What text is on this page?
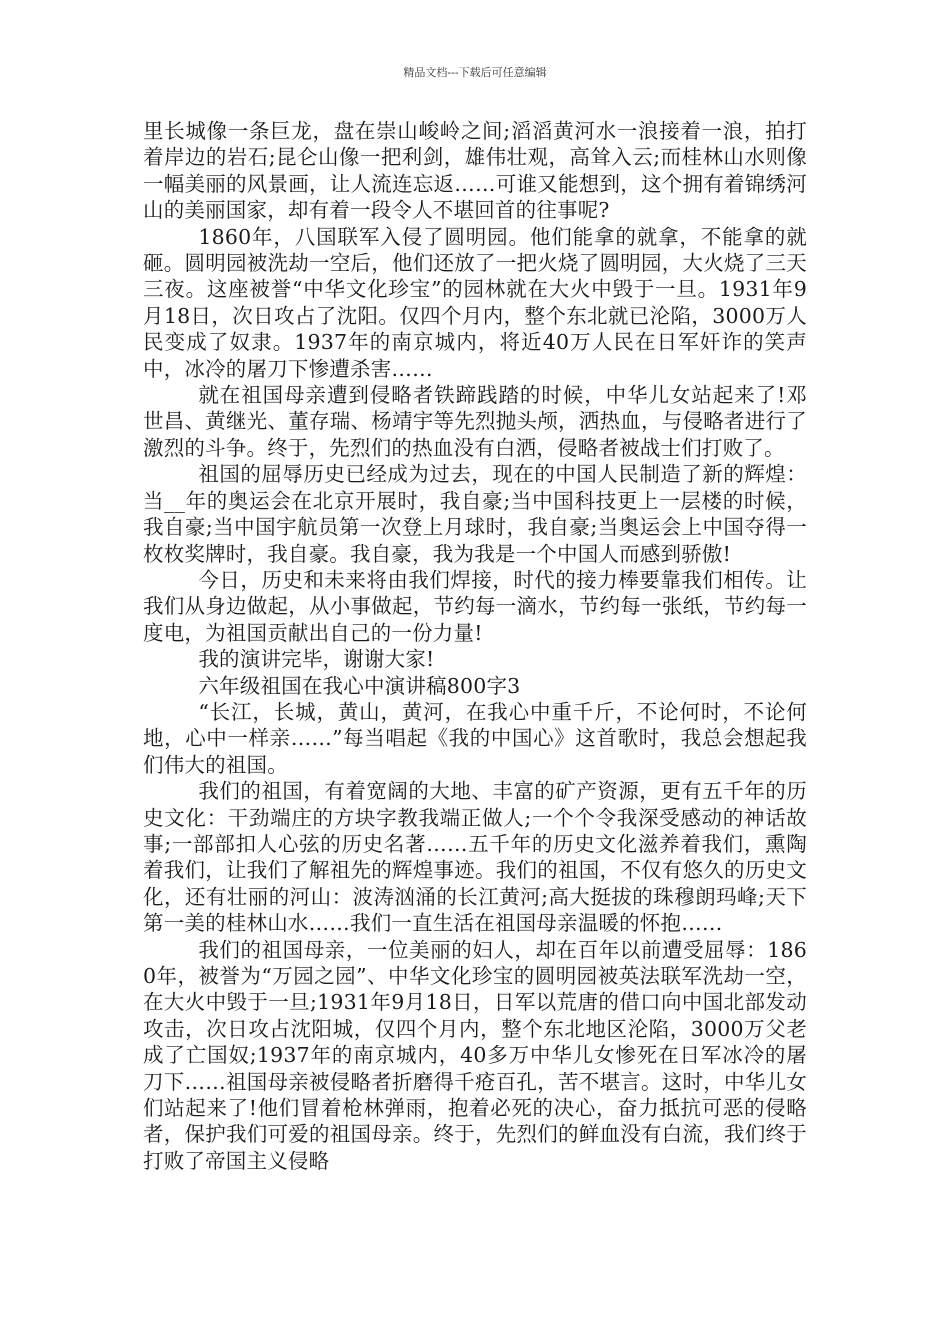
精品文档---下载后可任意编辑

里长城像一条巨龙，盘在崇山峻岭之间;滔滔黄河水一浪接着一浪，拍打着岸边的岩石;昆仑山像一把利剑，雄伟壮观，高耸入云;而桂林山水则像一幅美丽的风景画，让人流连忘返……可谁又能想到，这个拥有着锦绣河山的美丽国家，却有着一段令人不堪回首的往事呢?

1860年，八国联军入侵了圆明园。他们能拿的就拿，不能拿的就砸。圆明园被洗劫一空后，他们还放了一把火烧了圆明园，大火烧了三天三夜。这座被誉“中华文化珍宝”的园林就在大火中毁于一旦。1931年9月18日，次日攻占了沈阳。仅四个月内，整个东北就已沦陷，3000万人民变成了奴隶。1937年的南京城内，将近40万人民在日军奸诈的笑声中，冰冷的屠刀下惨遭杀害……

就在祖国母亲遭到侵略者铁蹄践踏的时候，中华儿女站起来了!邓世昌、黄继光、董存瑞、杨靖宇等先烈抛头颅，洒热血，与侵略者进行了激烈的斗争。终于，先烈们的热血没有白洒，侵略者被战士们打败了。

祖国的屈辱历史已经成为过去，现在的中国人民制造了新的辉煌：当__年的奥运会在北京开展时，我自豪;当中国科技更上一层楼的时候，我自豪;当中国宇航员第一次登上月球时，我自豪;当奥运会上中国夺得一枚枚奖牌时，我自豪。我自豪，我为我是一个中国人而感到骄傲!

今日，历史和未来将由我们焊接，时代的接力棒要靠我们相传。让我们从身边做起，从小事做起，节约每一滴水，节约每一张纸，节约每一度电，为祖国贡献出自己的一份力量!

我的演讲完毕，谢谢大家!

六年级祖国在我心中演讲稿800字3

“长江，长城，黄山，黄河，在我心中重千斤，不论何时，不论何地，心中一样亲……”每当唱起《我的中国心》这首歌时，我总会想起我们伟大的祖国。

我们的祖国，有着宽阔的大地、丰富的矿产资源，更有五千年的历史文化：干劲端庄的方块字教我端正做人;一个个令我深受感动的神话故事;一部部扣人心弦的历史名著……五千年的历史文化滋养着我们，熏陶着我们，让我们了解祖先的辉煌事迹。我们的祖国，不仅有悠久的历史文化，还有壮丽的河山：波涛汹涌的长江黄河;高大挺拔的珠穆朗玛峰;天下第一美的桂林山水……我们一直生活在祖国母亲温暖的怀抱……

我们的祖国母亲，一位美丽的妇人，却在百年以前遭受屈辱：1860年，被誉为“万园之园”、中华文化珍宝的圆明园被英法联军洗劫一空，在大火中毁于一旦;1931年9月18日，日军以荒唐的借口向中国北部发动攻击，次日攻占沈阳城，仅四个月内，整个东北地区沦陷，3000万父老成了亡国奴;1937年的南京城内，40多万中华儿女惨死在日军冰冷的屠刀下……祖国母亲被侵略者折磨得千疮百孔，苦不堪言。这时，中华儿女们站起来了!他们冒着枪林弹雨，抱着必死的决心，奋力抵抗可恶的侵略者，保护我们可爱的祖国母亲。终于，先烈们的鲜血没有白流，我们终于打败了帝国主义侵略
